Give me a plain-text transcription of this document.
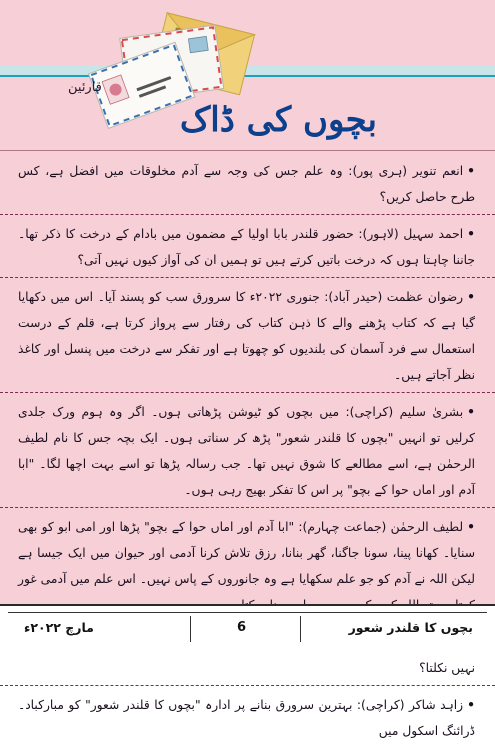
قارئین
بچوں کی ڈاک

•انعم تنویر (ہری پور): وہ علم جس کی وجہ سے آدم مخلوقات میں افضل ہے، کس طرح حاصل کریں؟

•احمد سہیل (لاہور): حضور قلندر بابا اولیا کے مضمون میں بادام کے درخت کا ذکر تھا۔ جاننا چاہتا ہوں کہ درخت باتیں کرتے ہیں تو ہمیں ان کی آواز کیوں نہیں آتی؟

•رضوان عظمت (حیدر آباد): جنوری ۲۰۲۲ء کا سرورق سب کو پسند آیا۔ اس میں دکھایا گیا ہے کہ کتاب پڑھنے والے کا ذہن کتاب کی رفتار سے پرواز کرتا ہے، قلم کے درست استعمال سے فرد آسمان کی بلندیوں کو چھوتا ہے اور تفکر سے درخت میں پنسل اور کاغذ نظر آجاتے ہیں۔

•بشریٰ سلیم (کراچی): میں بچوں کو ٹیوشن پڑھاتی ہوں۔ اگر وہ ہوم ورک جلدی کرلیں تو انہیں "بچوں کا قلندر شعور" پڑھ کر سناتی ہوں۔ ایک بچہ جس کا نام لطیف الرحمٰن ہے، اسے مطالعے کا شوق نہیں تھا۔ جب رسالہ پڑھا تو اسے بہت اچھا لگا۔ "ابا آدم اور اماں حوا کے بچو" پر اس کا تفکر بھیج رہی ہوں۔

•لطیف الرحمٰن (جماعت چہارم): "ابا آدم اور اماں حوا کے بچو" پڑھا اور امی ابو کو بھی سنایا۔ کھانا پینا، سونا جاگنا، گھر بنانا، رزق تلاش کرنا آدمی اور حیوان میں ایک جیسا ہے لیکن اللہ نے آدم کو جو علم سکھایا ہے وہ جانوروں کے پاس نہیں۔ اس علم میں آدمی غور

نہیں نکلتا؟

•زاہد شاکر (کراچی): بہترین سرورق بنانے پر ادارہ "بچوں کا قلندر شعور" کو مبارکباد۔ ڈرائنگ اسکول میں

بچوں کا قلندر شعور
6
مارچ ۲۰۲۲ء
